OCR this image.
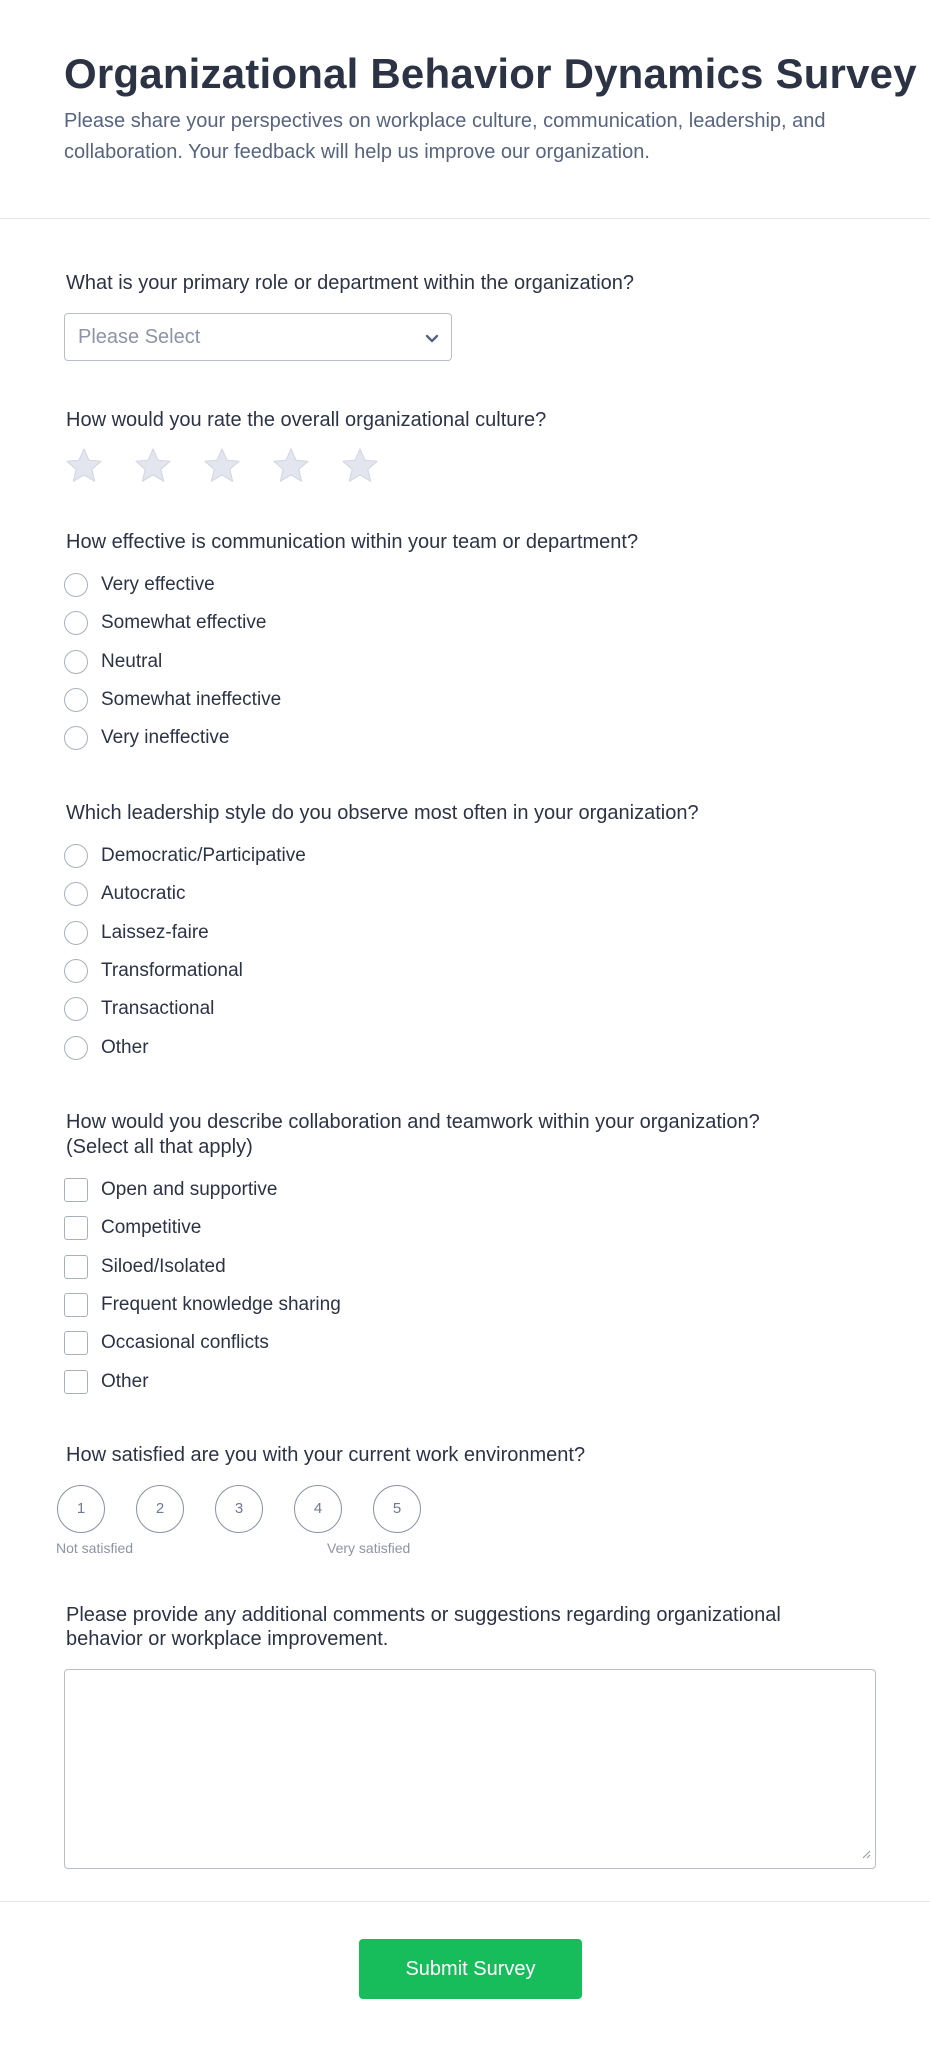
Organizational Behavior Dynamics Survey

Please share your perspectives on workplace culture, communication, leadership, and collaboration. Your feedback will help us improve our organization.

What is your primary role or department within the organization?

Please Select

How would you rate the overall organizational culture?

How effective is communication within your team or department?

Very effective
Somewhat effective
Neutral
Somewhat ineffective
Very ineffective

Which leadership style do you observe most often in your organization?

Democratic/Participative
Autocratic
Laissez-faire
Transformational
Transactional
Other

How would you describe collaboration and teamwork within your organization?

(Select all that apply)

Open and supportive
Competitive
Siloed/Isolated
Frequent knowledge sharing
Occasional conflicts
Other

How satisfied are you with your current work environment?

1	2	3	4	5
Not satisfied	Very satisfied

Please provide any additional comments or suggestions regarding organizational

behavior or workplace improvement.

Submit Survey
